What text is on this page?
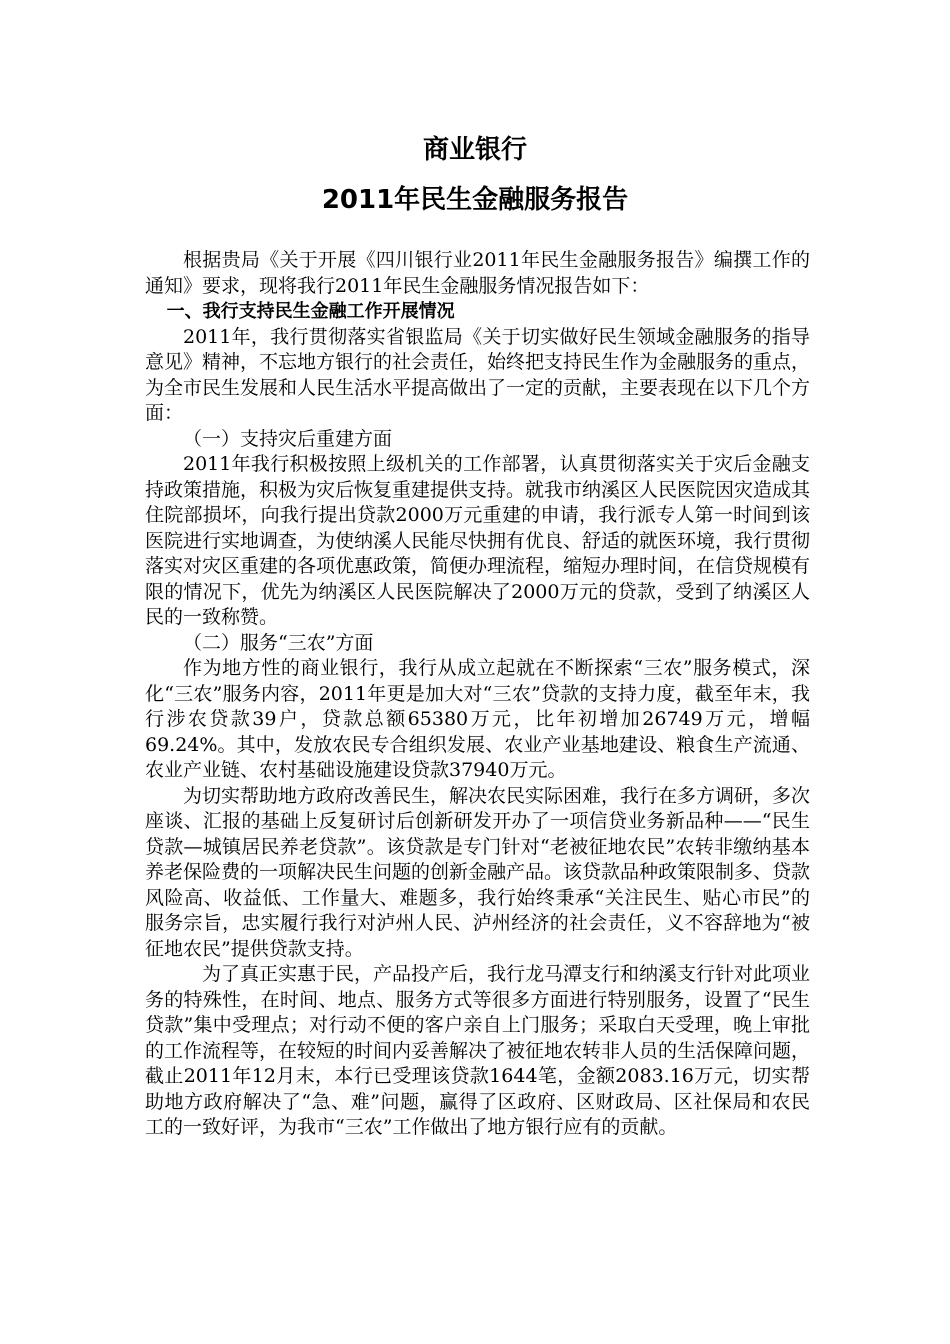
商业银行
2011年民生金融服务报告

根据贵局《关于开展《四川银行业2011年民生金融服务报告》编撰工作的通知》要求，现将我行2011年民生金融服务情况报告如下：

一、我行支持民生金融工作开展情况

2011年，我行贯彻落实省银监局《关于切实做好民生领域金融服务的指导意见》精神，不忘地方银行的社会责任，始终把支持民生作为金融服务的重点，为全市民生发展和人民生活水平提高做出了一定的贡献，主要表现在以下几个方面：

（一）支持灾后重建方面

2011年我行积极按照上级机关的工作部署，认真贯彻落实关于灾后金融支持政策措施，积极为灾后恢复重建提供支持。就我市纳溪区人民医院因灾造成其住院部损坏，向我行提出贷款2000万元重建的申请，我行派专人第一时间到该医院进行实地调查，为使纳溪人民能尽快拥有优良、舒适的就医环境，我行贯彻落实对灾区重建的各项优惠政策，简便办理流程，缩短办理时间，在信贷规模有限的情况下，优先为纳溪区人民医院解决了2000万元的贷款，受到了纳溪区人民的一致称赞。

（二）服务“三农”方面

作为地方性的商业银行，我行从成立起就在不断探索“三农”服务模式，深化“三农”服务内容，2011年更是加大对“三农”贷款的支持力度，截至年末，我行涉农贷款39户，贷款总额65380万元，比年初增加26749万元，增幅69.24%。其中，发放农民专合组织发展、农业产业基地建设、粮食生产流通、农业产业链、农村基础设施建设贷款37940万元。

为切实帮助地方政府改善民生，解决农民实际困难，我行在多方调研，多次座谈、汇报的基础上反复研讨后创新研发开办了一项信贷业务新品种——“民生贷款—城镇居民养老贷款”。该贷款是专门针对“老被征地农民”农转非缴纳基本养老保险费的一项解决民生问题的创新金融产品。该贷款品种政策限制多、贷款风险高、收益低、工作量大、难题多，我行始终秉承“关注民生、贴心市民”的服务宗旨，忠实履行我行对泸州人民、泸州经济的社会责任，义不容辞地为“被征地农民”提供贷款支持。

为了真正实惠于民，产品投产后，我行龙马潭支行和纳溪支行针对此项业务的特殊性，在时间、地点、服务方式等很多方面进行特别服务，设置了“民生贷款”集中受理点；对行动不便的客户亲自上门服务；采取白天受理，晚上审批的工作流程等，在较短的时间内妥善解决了被征地农转非人员的生活保障问题，截止2011年12月末，本行已受理该贷款1644笔，金额2083.16万元，切实帮助地方政府解决了“急、难”问题，赢得了区政府、区财政局、区社保局和农民工的一致好评，为我市“三农”工作做出了地方银行应有的贡献。
